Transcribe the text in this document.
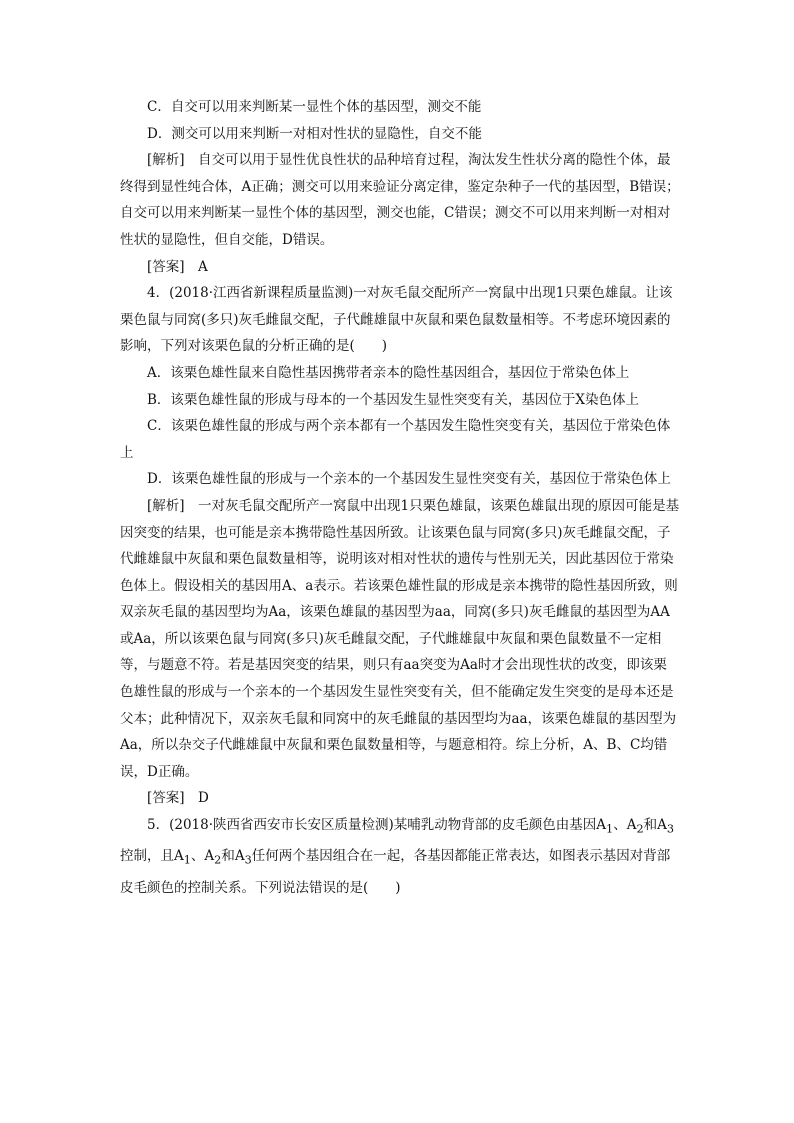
C．自交可以用来判断某一显性个体的基因型，测交不能

D．测交可以用来判断一对相对性状的显隐性，自交不能

[解析]　自交可以用于显性优良性状的品种培育过程，淘汰发生性状分离的隐性个体，最终得到显性纯合体，A正确；测交可以用来验证分离定律，鉴定杂种子一代的基因型，B错误；自交可以用来判断某一显性个体的基因型，测交也能，C错误；测交不可以用来判断一对相对性状的显隐性，但自交能，D错误。

[答案]　A

4．(2018·江西省新课程质量监测)一对灰毛鼠交配所产一窝鼠中出现1只栗色雄鼠。让该栗色鼠与同窝(多只)灰毛雌鼠交配，子代雌雄鼠中灰鼠和栗色鼠数量相等。不考虑环境因素的影响，下列对该栗色鼠的分析正确的是(　　)

A．该栗色雄性鼠来自隐性基因携带者亲本的隐性基因组合，基因位于常染色体上

B．该栗色雄性鼠的形成与母本的一个基因发生显性突变有关，基因位于X染色体上

C．该栗色雄性鼠的形成与两个亲本都有一个基因发生隐性突变有关，基因位于常染色体上

D．该栗色雄性鼠的形成与一个亲本的一个基因发生显性突变有关，基因位于常染色体上

[解析]　一对灰毛鼠交配所产一窝鼠中出现1只栗色雄鼠，该栗色雄鼠出现的原因可能是基因突变的结果，也可能是亲本携带隐性基因所致。让该栗色鼠与同窝(多只)灰毛雌鼠交配，子代雌雄鼠中灰鼠和栗色鼠数量相等，说明该对相对性状的遗传与性别无关，因此基因位于常染色体上。假设相关的基因用A、a表示。若该栗色雄性鼠的形成是亲本携带的隐性基因所致，则双亲灰毛鼠的基因型均为Aa，该栗色雄鼠的基因型为aa，同窝(多只)灰毛雌鼠的基因型为AA或Aa，所以该栗色鼠与同窝(多只)灰毛雌鼠交配，子代雌雄鼠中灰鼠和栗色鼠数量不一定相等，与题意不符。若是基因突变的结果，则只有aa突变为Aa时才会出现性状的改变，即该栗色雄性鼠的形成与一个亲本的一个基因发生显性突变有关，但不能确定发生突变的是母本还是父本；此种情况下，双亲灰毛鼠和同窝中的灰毛雌鼠的基因型均为aa，该栗色雄鼠的基因型为Aa，所以杂交子代雌雄鼠中灰鼠和栗色鼠数量相等，与题意相符。综上分析，A、B、C均错误，D正确。

[答案]　D

5．(2018·陕西省西安市长安区质量检测)某哺乳动物背部的皮毛颜色由基因$A_1$、$A_2$和$A_3$控制，且$A_1$、$A_2$和$A_3$任何两个基因组合在一起，各基因都能正常表达，如图表示基因对背部皮毛颜色的控制关系。下列说法错误的是(　　)
